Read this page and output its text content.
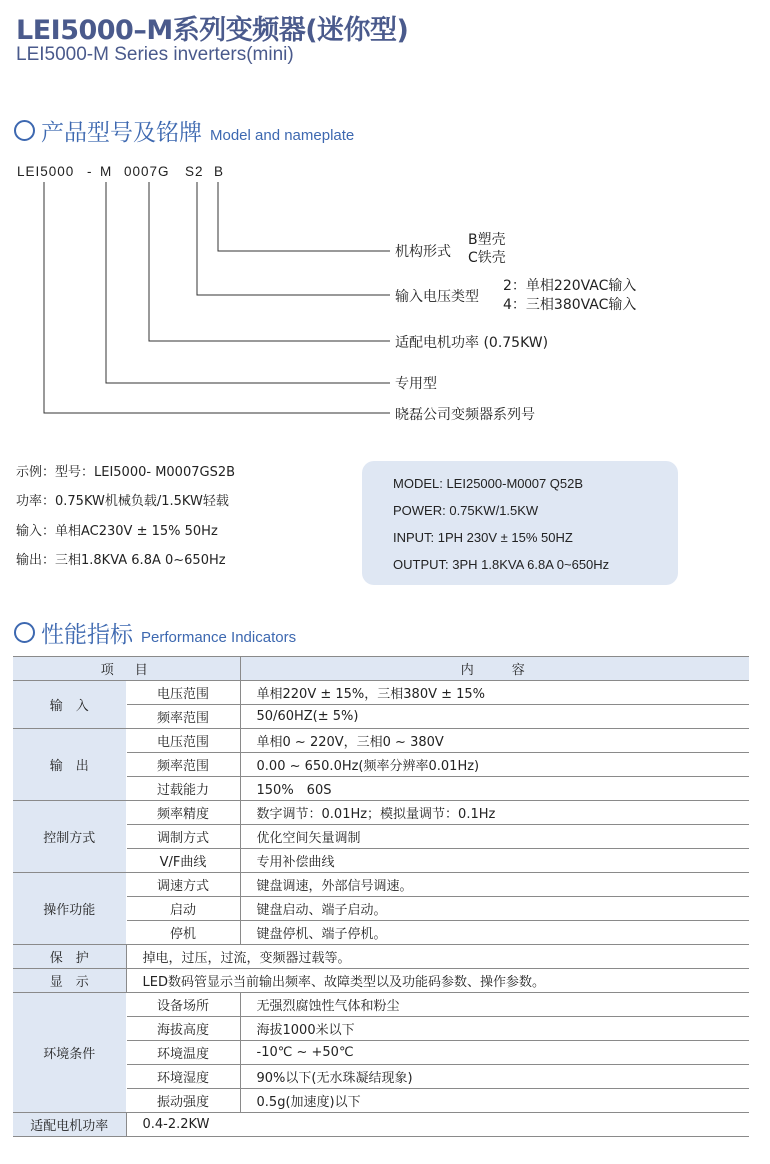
LEI5000–M系列变频器(迷你型)
LEI5000-M Series inverters(mini)
产品型号及铭牌 Model and nameplate
LEI5000 - M 0007G S2 B
机构形式
B塑壳
C铁壳
输入电压类型
2：单相220VAC输入
4：三相380VAC输入
适配电机功率 (0.75KW)
专用型
晓磊公司变频器系列号
示例：型号：LEI5000- M0007GS2B
功率：0.75KW机械负载/1.5KW轻载
输入：单相AC230V ± 15% 50Hz
输出：三相1.8KVA 6.8A 0~650Hz
MODEL: LEI25000-M0007 Q52B
POWER: 0.75KW/1.5KW
INPUT: 1PH 230V ± 15% 50HZ
OUTPUT: 3PH 1.8KVA 6.8A 0~650Hz
性能指标 Performance Indicators
项　目		内　　容
输　入	电压范围	单相220V ± 15%，三相380V ± 15%
	频率范围	50/60HZ(± 5%)
输　出	电压范围	单相0 ~ 220V，三相0 ~ 380V
	频率范围	0.00 ~ 650.0Hz(频率分辨率0.01Hz)
	过载能力	150%　60S
控制方式	频率精度	数字调节：0.01Hz；模拟量调节：0.1Hz
	调制方式	优化空间矢量调制
	V/F曲线	专用补偿曲线
操作功能	调速方式	键盘调速，外部信号调速。
	启动	键盘启动、端子启动。
	停机	键盘停机、端子停机。
保　护	掉电，过压，过流，变频器过载等。	
显　示	LED数码管显示当前输出频率、故障类型以及功能码参数、操作参数。	
环境条件	设备场所	无强烈腐蚀性气体和粉尘
	海拔高度	海拔1000米以下
	环境温度	-10℃ ~ +50℃
	环境湿度	90%以下(无水珠凝结现象)
	振动强度	0.5g(加速度)以下
适配电机功率	0.4-2.2KW	
